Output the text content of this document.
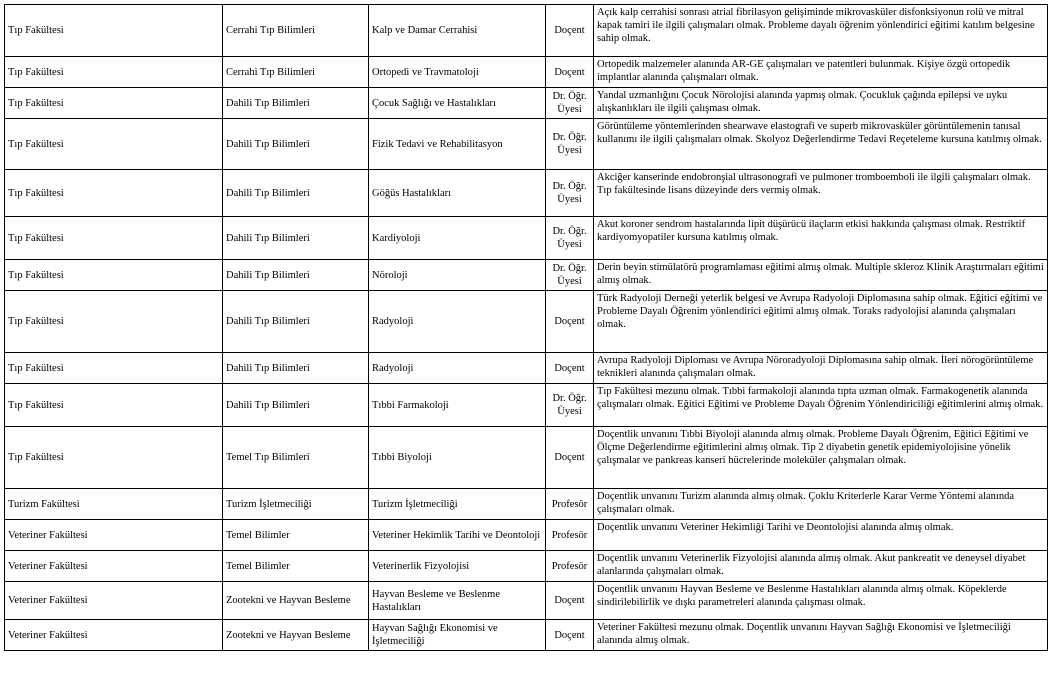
Tıp Fakültesi	Cerrahi Tıp Bilimleri	Kalp ve Damar Cerrahisi	Doçent	Açık kalp cerrahisi sonrası atrial fibrilasyon gelişiminde mikrovasküler disfonksiyonun rolü ve mitral kapak tamiri ile ilgili çalışmaları olmak. Probleme dayalı öğrenim yönlendirici eğitimi katılım belgesine sahip olmak.
Tıp Fakültesi	Cerrahi Tıp Bilimleri	Ortopedi ve Travmatoloji	Doçent	Ortopedik malzemeler alanında AR-GE çalışmaları ve patentleri bulunmak. Kişiye özgü ortopedik implantlar alanında çalışmaları olmak.
Tıp Fakültesi	Dahili Tıp Bilimleri	Çocuk Sağlığı ve Hastalıkları	Dr. Öğr. Üyesi	Yandal uzmanlığını Çocuk Nörolojisi alanında yapmış olmak. Çocukluk çağında epilepsi ve uyku alışkanlıkları ile ilgili çalışması olmak.
Tıp Fakültesi	Dahili Tıp Bilimleri	Fizik Tedavi ve Rehabilitasyon	Dr. Öğr. Üyesi	Görüntüleme yöntemlerinden shearwave elastografi ve superb mikrovasküler görüntülemenin tanısal kullanımı ile ilgili çalışmaları olmak. Skolyoz Değerlendirme Tedavi Reçeteleme kursuna katılmış olmak.
Tıp Fakültesi	Dahili Tıp Bilimleri	Göğüs Hastalıkları	Dr. Öğr. Üyesi	Akciğer kanserinde endobronşial ultrasonografi ve pulmoner tromboemboli ile ilgili çalışmaları olmak. Tıp fakültesinde lisans düzeyinde ders vermiş olmak.
Tıp Fakültesi	Dahili Tıp Bilimleri	Kardiyoloji	Dr. Öğr. Üyesi	Akut koroner sendrom hastalarında lipit düşürücü ilaçların etkisi hakkında çalışması olmak. Restriktif kardiyomyopatiler kursuna katılmış olmak.
Tıp Fakültesi	Dahili Tıp Bilimleri	Nöroloji	Dr. Öğr. Üyesi	Derin beyin stimülatörü programlaması eğitimi almış olmak. Multiple skleroz Klinik Araştırmaları eğitimi almış olmak.
Tıp Fakültesi	Dahili Tıp Bilimleri	Radyoloji	Doçent	Türk Radyoloji Derneği yeterlik belgesi ve Avrupa Radyoloji Diplomasına sahip olmak. Eğitici eğitimi ve Probleme Dayalı Öğrenim yönlendirici eğitimi almış olmak. Toraks radyolojisi alanında çalışmaları olmak.
Tıp Fakültesi	Dahili Tıp Bilimleri	Radyoloji	Doçent	Avrupa Radyoloji Diploması ve Avrupa Nöroradyoloji Diplomasına sahip olmak. İleri nörogörüntüleme teknikleri alanında çalışmaları olmak.
Tıp Fakültesi	Dahili Tıp Bilimleri	Tıbbi Farmakoloji	Dr. Öğr. Üyesi	Tıp Fakültesi mezunu olmak. Tıbbi farmakoloji alanında tıpta uzman olmak. Farmakogenetik alanında çalışmaları olmak. Eğitici Eğitimi ve Probleme Dayalı Öğrenim Yönlendiriciliği eğitimlerini almış olmak.
Tıp Fakültesi	Temel Tıp Bilimleri	Tıbbi Biyoloji	Doçent	Doçentlik unvanını Tıbbi Biyoloji alanında almış olmak. Probleme Dayalı Öğrenim, Eğitici Eğitimi ve Ölçme Değerlendirme eğitimlerini almış olmak. Tip 2 diyabetin genetik epidemiyolojisine yönelik çalışmalar ve pankreas kanseri hücrelerinde moleküler çalışmaları olmak.
Turizm Fakültesi	Turizm İşletmeciliği	Turizm İşletmeciliği	Profesör	Doçentlik unvanını Turizm alanında almış olmak. Çoklu Kriterlerle Karar Verme Yöntemi alanında çalışmaları olmak.
Veteriner Fakültesi	Temel Bilimler	Veteriner Hekimlik Tarihi ve Deontoloji	Profesör	Doçentlik unvanını Veteriner Hekimliği Tarihi ve Deontolojisi alanında almış olmak.
Veteriner Fakültesi	Temel Bilimler	Veterinerlik Fizyolojisi	Profesör	Doçentlik unvanını Veterinerlik Fizyolojisi alanında almış olmak. Akut pankreatit ve deneysel diyabet alanlarında çalışmaları olmak.
Veteriner Fakültesi	Zootekni ve Hayvan Besleme	Hayvan Besleme ve Beslenme Hastalıkları	Doçent	Doçentlik unvanını Hayvan Besleme ve Beslenme Hastalıkları alanında almış olmak. Köpeklerde sindirilebilirlik ve dışkı parametreleri alanında çalışması olmak.
Veteriner Fakültesi	Zootekni ve Hayvan Besleme	Hayvan Sağlığı Ekonomisi ve İşletmeciliği	Doçent	Veteriner Fakültesi mezunu olmak. Doçentlik unvanını Hayvan Sağlığı Ekonomisi ve İşletmeciliği alanında almış olmak.
